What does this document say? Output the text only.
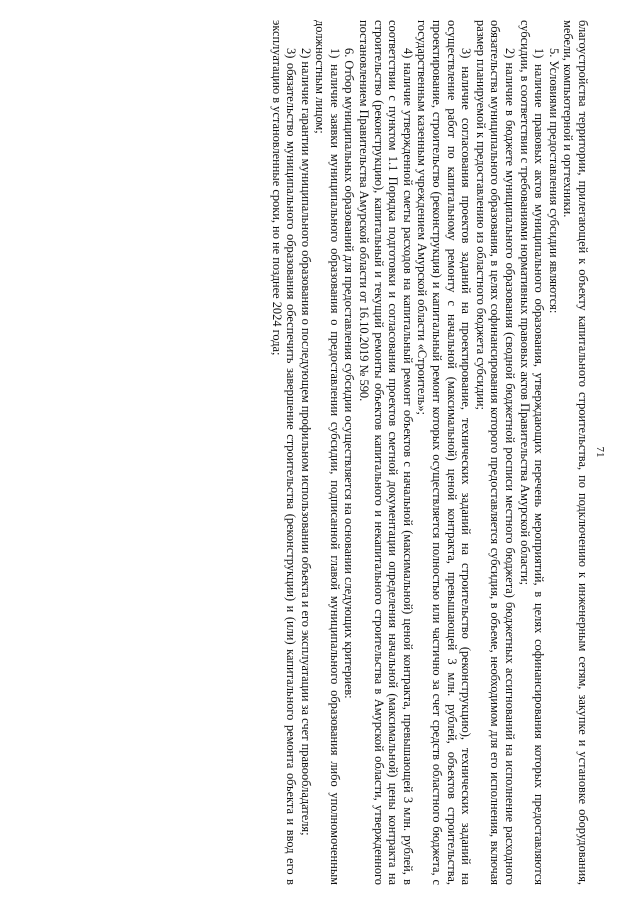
71

благоустройства территории, прилегающей к объекту капитального строительства, по подключению к инженерным сетям, закупке и установке оборудования, мебели, компьютерной и оргтехники.

5. Условиями предоставления субсидии являются:

1) наличие правовых актов муниципального образования, утверждающих перечень мероприятий, в целях софинансирования которых предоставляются субсидии, в соответствии с требованиями нормативных правовых актов Правительства Амурской области;

2) наличие в бюджете муниципального образования (сводной бюджетной росписи местного бюджета) бюджетных ассигнований на исполнение расходного обязательства муниципального образования, в целях софинансирования которого предоставляется субсидия, в объеме, необходимом для его исполнения, включая размер планируемой к предоставлению из областного бюджета субсидии;

3) наличие согласования проектов заданий на проектирование, технических заданий на строительство (реконструкцию), технических заданий на осуществление работ по капитальному ремонту с начальной (максимальной) ценой контракта, превышающей 3 млн. рублей, объектов строительства, проектирование, строительство (реконструкция) и капитальный ремонт которых осуществляется полностью или частично за счет средств областного бюджета, с государственным казенным учреждением Амурской области «Строитель»;

4) наличие утвержденной сметы расходов на капитальный ремонт объектов с начальной (максимальной) ценой контракта, превышающей 3 млн. рублей, в соответствии с пунктом 1.1 Порядка подготовки и согласования проектов сметной документации определения начальной (максимальной) цены контракта на строительство (реконструкцию), капитальный и текущий ремонты объектов капитального и некапитального строительства в Амурской области, утвержденного постановлением Правительства Амурской области от 16.10.2019 № 590.

6. Отбор муниципальных образований для предоставления субсидии осуществляется на основании следующих критериев:

1) наличие заявки муниципального образования о предоставлении субсидии, подписанной главой муниципального образования либо уполномоченным должностным лицом;

2) наличие гарантии муниципального образования о последующем профильном использовании объекта и его эксплуатации за счет правообладателя;

3) обязательство муниципального образования обеспечить завершение строительства (реконструкции) и (или) капитального ремонта объекта и ввод его в эксплуатацию в установленные сроки, но не позднее 2024 года;
